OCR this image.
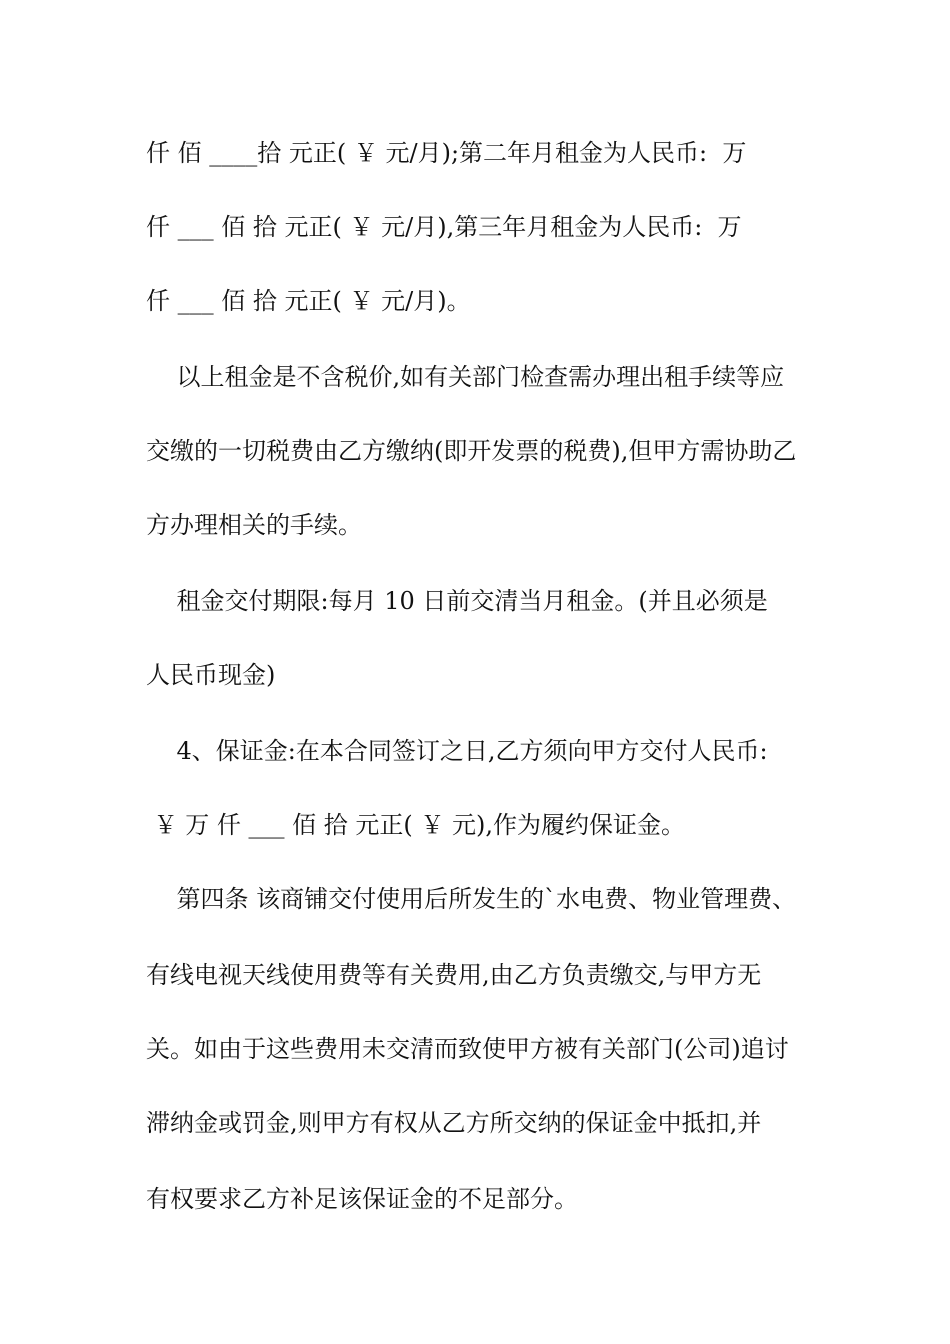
仟 佰 ____拾 元正( ￥ 元/月);第二年月租金为人民币:  万
仟 ___ 佰 拾 元正( ￥ 元/月),第三年月租金为人民币:  万
仟 ___ 佰 拾 元正( ￥ 元/月)。
以上租金是不含税价,如有关部门检查需办理出租手续等应
交缴的一切税费由乙方缴纳(即开发票的税费),但甲方需协助乙
方办理相关的手续。
租金交付期限:每月 10 日前交清当月租金。(并且必须是
人民币现金)
4、保证金:在本合同签订之日,乙方须向甲方交付人民币:
￥ 万 仟 ___ 佰 拾 元正( ￥ 元),作为履约保证金。
第四条 该商铺交付使用后所发生的`水电费、物业管理费、
有线电视天线使用费等有关费用,由乙方负责缴交,与甲方无
关。如由于这些费用未交清而致使甲方被有关部门(公司)追讨
滞纳金或罚金,则甲方有权从乙方所交纳的保证金中抵扣,并
有权要求乙方补足该保证金的不足部分。
